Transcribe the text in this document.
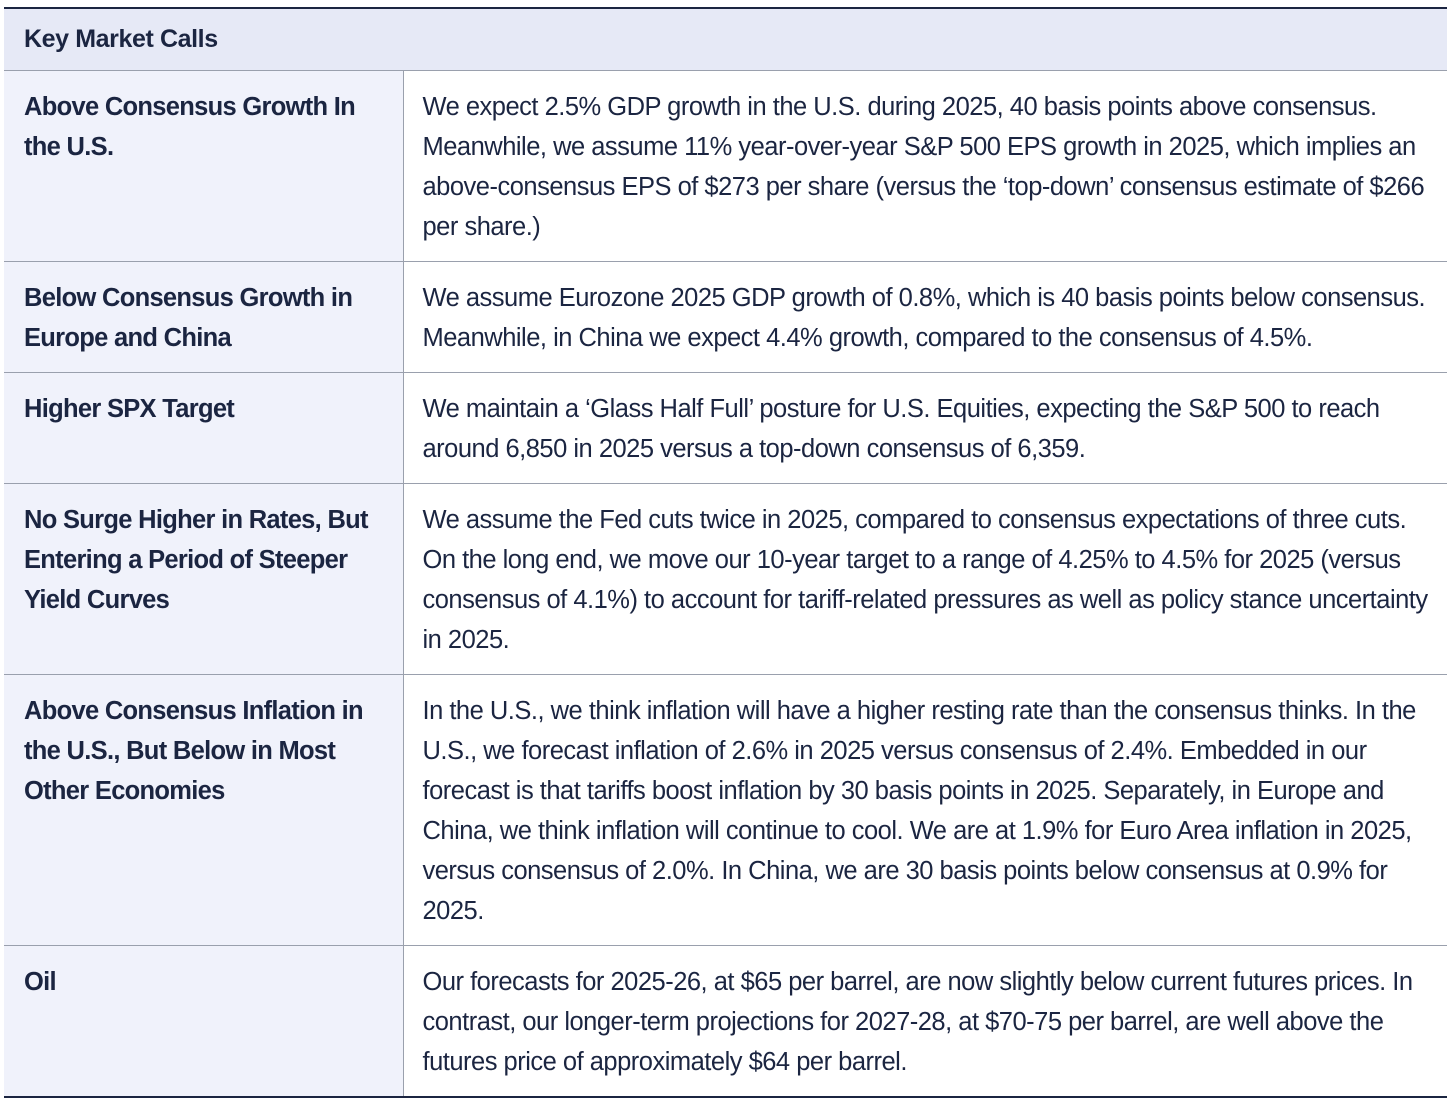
Key Market Calls	
Above Consensus Growth In the U.S.	We expect 2.5% GDP growth in the U.S. during 2025, 40 basis points above consensus. Meanwhile, we assume 11% year-over-year S&P 500 EPS growth in 2025, which implies an above-consensus EPS of $273 per share (versus the ‘top-down’ consensus estimate of $266 per share.)
Below Consensus Growth in Europe and China	We assume Eurozone 2025 GDP growth of 0.8%, which is 40 basis points below consensus. Meanwhile, in China we expect 4.4% growth, compared to the consensus of 4.5%.
Higher SPX Target	We maintain a ‘Glass Half Full’ posture for U.S. Equities, expecting the S&P 500 to reach around 6,850 in 2025 versus a top-down consensus of 6,359.
No Surge Higher in Rates, But Entering a Period of Steeper Yield Curves	We assume the Fed cuts twice in 2025, compared to consensus expectations of three cuts. On the long end, we move our 10-year target to a range of 4.25% to 4.5% for 2025 (versus consensus of 4.1%) to account for tariff-related pressures as well as policy stance uncertainty in 2025.
Above Consensus Inflation in the U.S., But Below in Most Other Economies	In the U.S., we think inflation will have a higher resting rate than the consensus thinks. In the U.S., we forecast inflation of 2.6% in 2025 versus consensus of 2.4%. Embedded in our forecast is that tariffs boost inflation by 30 basis points in 2025. Separately, in Europe and China, we think inflation will continue to cool. We are at 1.9% for Euro Area inflation in 2025, versus consensus of 2.0%. In China, we are 30 basis points below consensus at 0.9% for 2025.
Oil	Our forecasts for 2025-26, at $65 per barrel, are now slightly below current futures prices. In contrast, our longer-term projections for 2027-28, at $70-75 per barrel, are well above the futures price of approximately $64 per barrel.
